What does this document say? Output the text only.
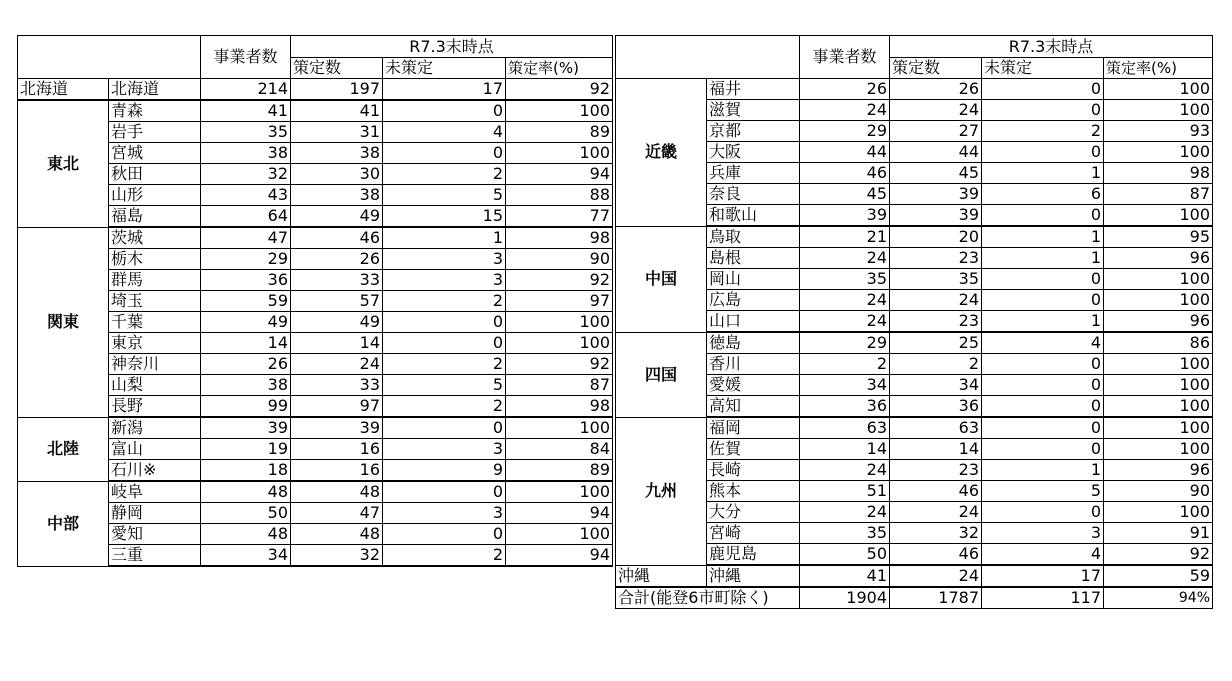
		事業者数	R7.3末時点		
			策定数	未策定	策定率(%)
北海道	北海道	214	197	17	92
東北	青森	41	41	0	100
	岩手	35	31	4	89
	宮城	38	38	0	100
	秋田	32	30	2	94
	山形	43	38	5	88
	福島	64	49	15	77
関東	茨城	47	46	1	98
	栃木	29	26	3	90
	群馬	36	33	3	92
	埼玉	59	57	2	97
	千葉	49	49	0	100
	東京	14	14	0	100
	神奈川	26	24	2	92
	山梨	38	33	5	87
	長野	99	97	2	98
北陸	新潟	39	39	0	100
	富山	19	16	3	84
	石川※	18	16	9	89
中部	岐阜	48	48	0	100
	静岡	50	47	3	94
	愛知	48	48	0	100
	三重	34	32	2	94
		事業者数	R7.3末時点		
			策定数	未策定	策定率(%)
近畿	福井	26	26	0	100
	滋賀	24	24	0	100
	京都	29	27	2	93
	大阪	44	44	0	100
	兵庫	46	45	1	98
	奈良	45	39	6	87
	和歌山	39	39	0	100
中国	鳥取	21	20	1	95
	島根	24	23	1	96
	岡山	35	35	0	100
	広島	24	24	0	100
	山口	24	23	1	96
四国	徳島	29	25	4	86
	香川	2	2	0	100
	愛媛	34	34	0	100
	高知	36	36	0	100
九州	福岡	63	63	0	100
	佐賀	14	14	0	100
	長崎	24	23	1	96
	熊本	51	46	5	90
	大分	24	24	0	100
	宮崎	35	32	3	91
	鹿児島	50	46	4	92
沖縄	沖縄	41	24	17	59
合計(能登6市町除く)		1904	1787	117	94%
